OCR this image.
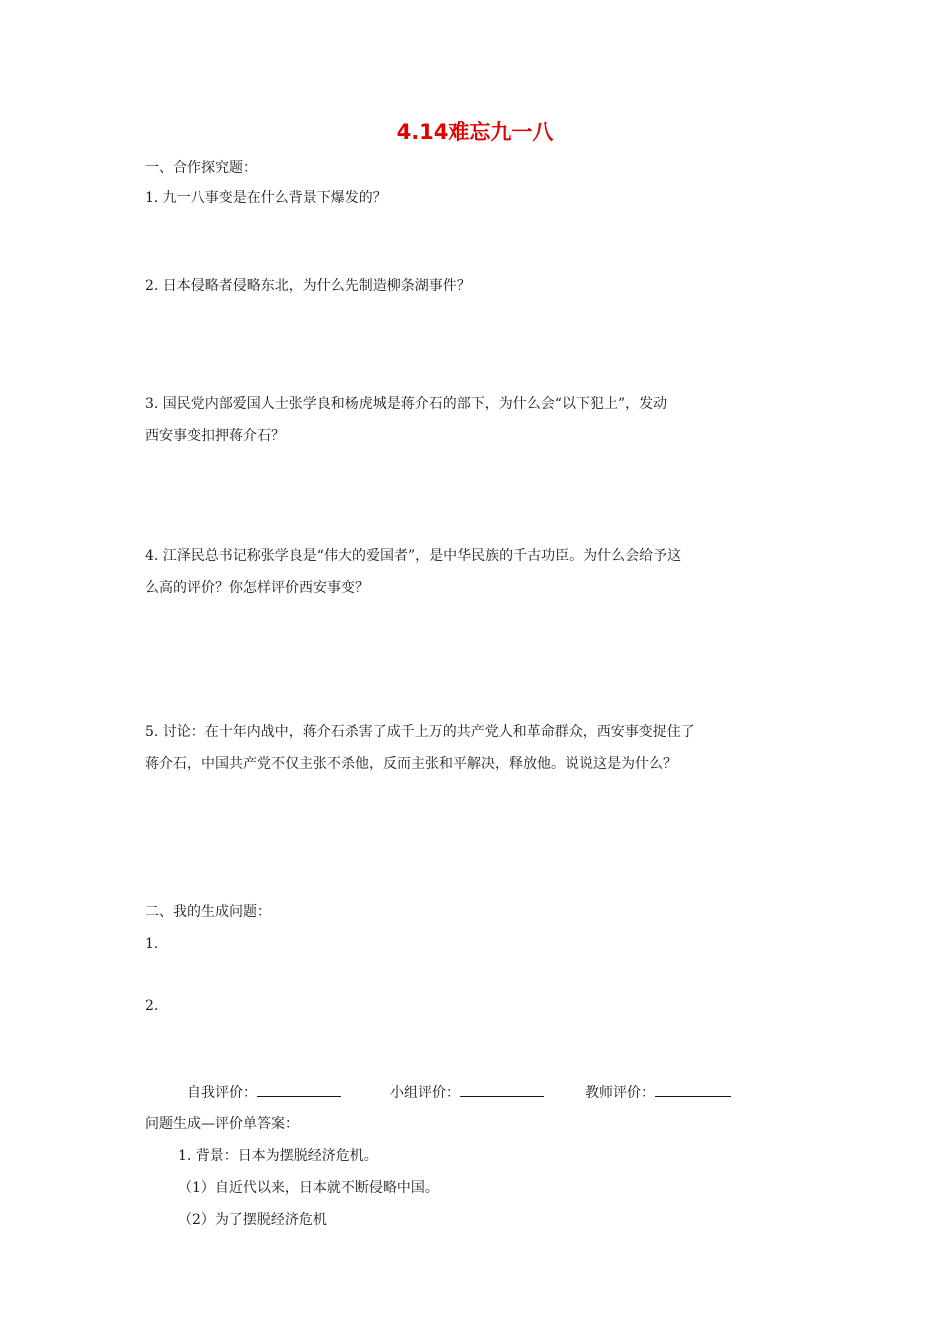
4.14难忘九一八
一、合作探究题：
1. 九一八事变是在什么背景下爆发的？
2. 日本侵略者侵略东北，为什么先制造柳条湖事件？
3. 国民党内部爱国人士张学良和杨虎城是蒋介石的部下，为什么会“以下犯上”，发动
西安事变扣押蒋介石？
4. 江泽民总书记称张学良是“伟大的爱国者”，是中华民族的千古功臣。为什么会给予这
么高的评价？你怎样评价西安事变？
5. 讨论：在十年内战中，蒋介石杀害了成千上万的共产党人和革命群众，西安事变捉住了
蒋介石，中国共产党不仅主张不杀他，反而主张和平解决，释放他。说说这是为什么？
二、我的生成问题：
1.
2.
自我评价：	小组评价：	教师评价：
问题生成—评价单答案：
1. 背景：日本为摆脱经济危机。
（1）自近代以来，日本就不断侵略中国。
（2）为了摆脱经济危机
